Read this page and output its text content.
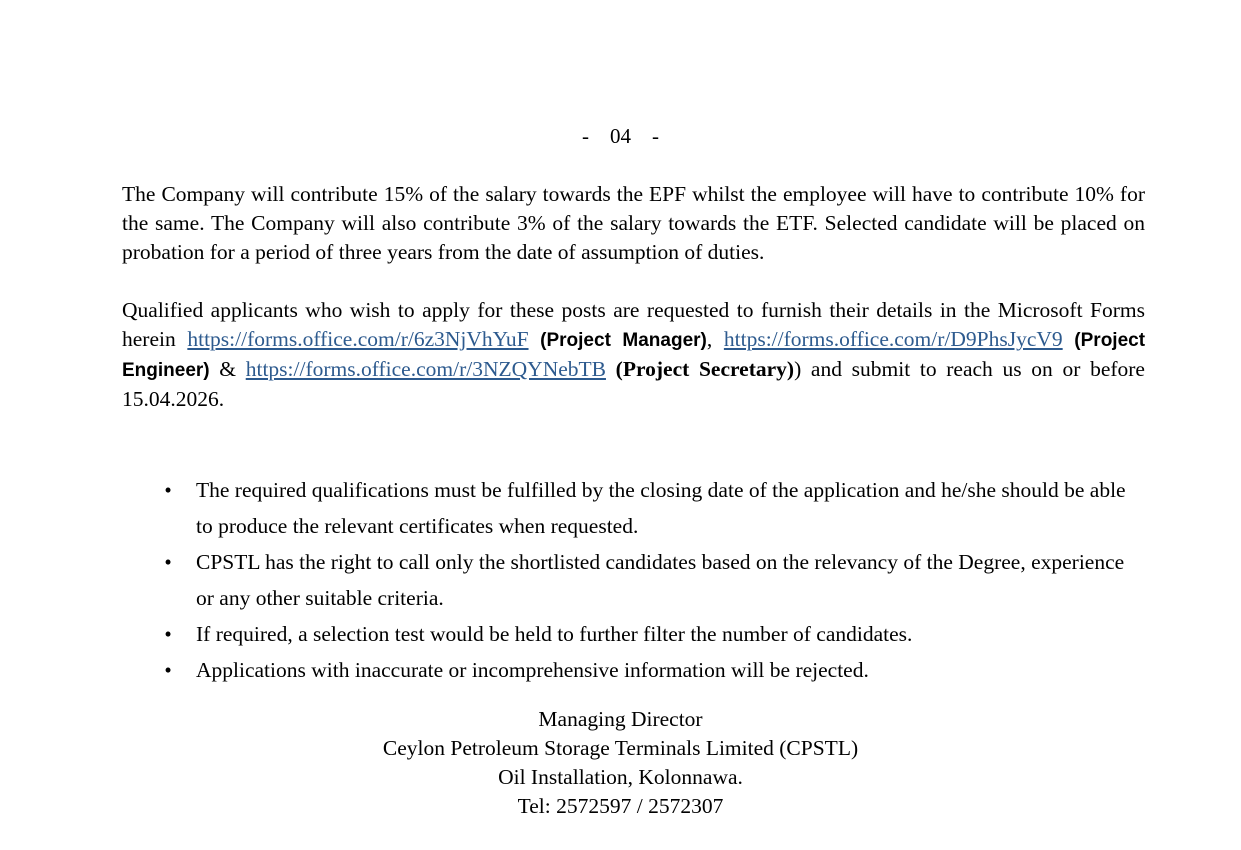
-    04    -

The Company will contribute 15% of the salary towards the EPF whilst the employee will have to contribute 10% for the same. The Company will also contribute 3% of the salary towards the ETF. Selected candidate will be placed on probation for a period of three years from the date of assumption of duties.

Qualified applicants who wish to apply for these posts are requested to furnish their details in the Microsoft Forms herein https://forms.office.com/r/6z3NjVhYuF (Project Manager), https://forms.office.com/r/D9PhsJycV9 (Project Engineer) & https://forms.office.com/r/3NZQYNebTB (Project Secretary)) and submit to reach us on or before 15.04.2026.

• The required qualifications must be fulfilled by the closing date of the application and he/she should be able to produce the relevant certificates when requested.
• CPSTL has the right to call only the shortlisted candidates based on the relevancy of the Degree, experience or any other suitable criteria.
• If required, a selection test would be held to further filter the number of candidates.
• Applications with inaccurate or incomprehensive information will be rejected.
Managing Director
Ceylon Petroleum Storage Terminals Limited (CPSTL)
Oil Installation, Kolonnawa.
Tel: 2572597 / 2572307
